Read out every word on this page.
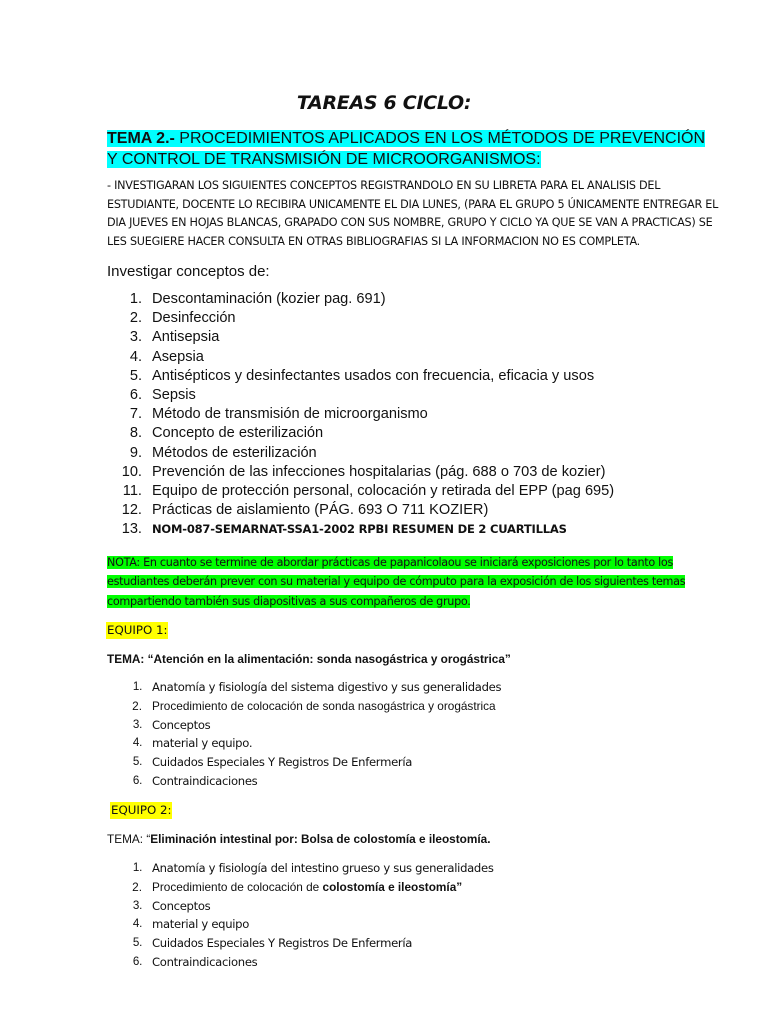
TAREAS 6 CICLO:
TEMA 2.- PROCEDIMIENTOS APLICADOS EN LOS MÉTODOS DE PREVENCIÓN Y CONTROL DE TRANSMISIÓN DE MICROORGANISMOS:
- INVESTIGARAN LOS SIGUIENTES CONCEPTOS REGISTRANDOLO EN SU LIBRETA PARA EL ANALISIS DEL
ESTUDIANTE, DOCENTE LO RECIBIRA UNICAMENTE EL DIA LUNES, (PARA EL GRUPO 5 ÚNICAMENTE ENTREGAR EL
DIA JUEVES EN HOJAS BLANCAS, GRAPADO CON SUS NOMBRE, GRUPO Y CICLO YA QUE SE VAN A PRACTICAS) SE
LES SUEGIERE HACER CONSULTA EN OTRAS BIBLIOGRAFIAS SI LA INFORMACION NO ES COMPLETA.
Investigar conceptos de:
1. Descontaminación (kozier pag. 691)
2. Desinfección
3. Antisepsia
4. Asepsia
5. Antisépticos y desinfectantes usados con frecuencia, eficacia y usos
6. Sepsis
7. Método de transmisión de microorganismo
8. Concepto de esterilización
9. Métodos de esterilización
10. Prevención de las infecciones hospitalarias (pág. 688 o 703 de kozier)
11. Equipo de protección personal, colocación y retirada del EPP (pag 695)
12. Prácticas de aislamiento (PÁG. 693 O 711 KOZIER)
13. NOM-087-SEMARNAT-SSA1-2002 RPBI RESUMEN DE 2 CUARTILLAS
NOTA: En cuanto se termine de abordar prácticas de papanicolaou se iniciará exposiciones por lo tanto los
estudiantes deberán prever con su material y equipo de cómputo para la exposición de los siguientes temas
compartiendo también sus diapositivas a sus compañeros de grupo.
EQUIPO 1:
TEMA: “Atención en la alimentación: sonda nasogástrica y orogástrica”
1. Anatomía y fisiología del sistema digestivo y sus generalidades
2. Procedimiento de colocación de sonda nasogástrica y orogástrica
3. Conceptos
4. material y equipo.
5. Cuidados Especiales Y Registros De Enfermería
6. Contraindicaciones
EQUIPO 2:
TEMA: “Eliminación intestinal por: Bolsa de colostomía e ileostomía.
1. Anatomía y fisiología del intestino grueso y sus generalidades
2. Procedimiento de colocación de colostomía e ileostomía”
3. Conceptos
4. material y equipo
5. Cuidados Especiales Y Registros De Enfermería
6. Contraindicaciones
